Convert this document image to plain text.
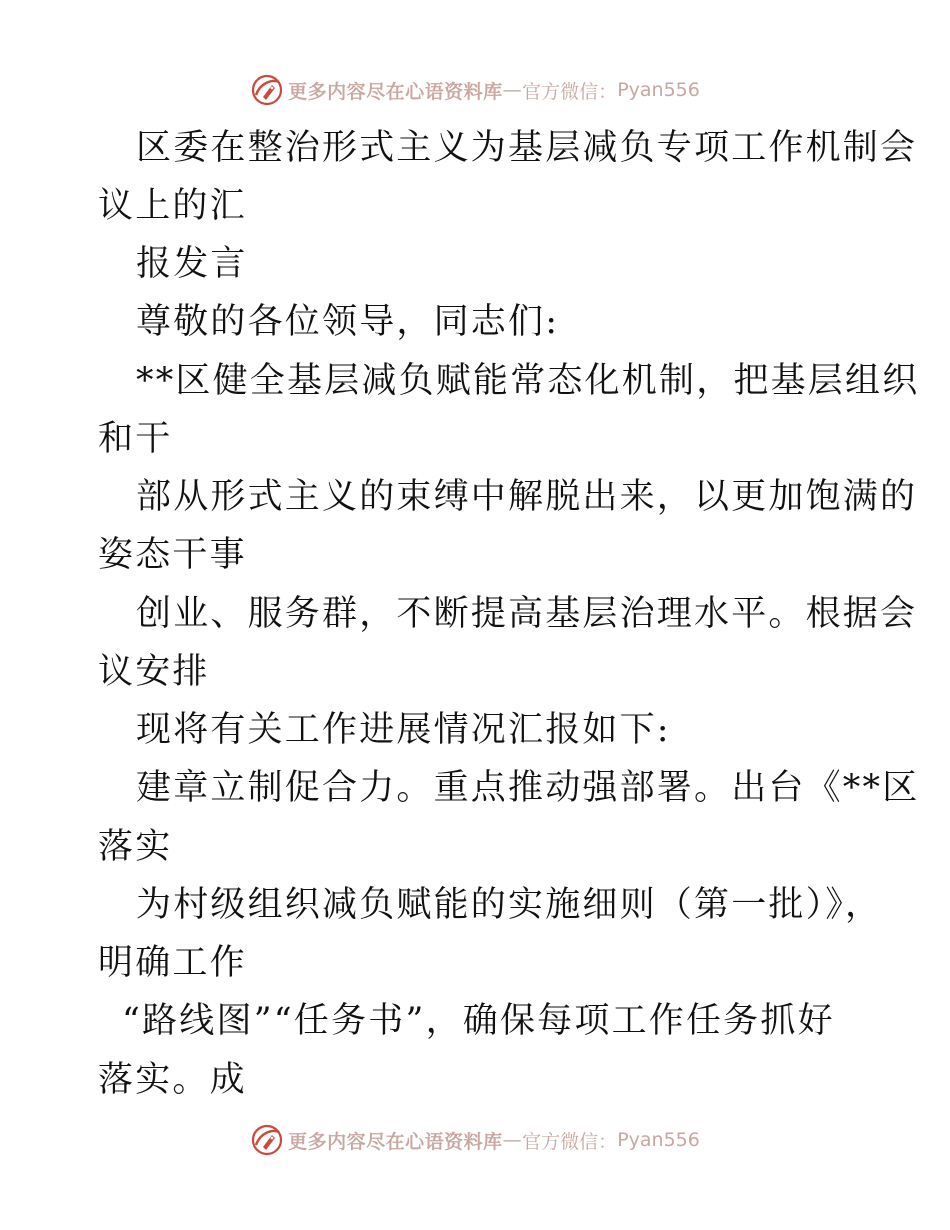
更多内容尽在心语资料库 — 官方微信： Pyan556
区委在整治形式主义为基层减负专项工作机制会
议上的汇
报发言
尊敬的各位领导，同志们:
**区健全基层减负赋能常态化机制，把基层组织
和干
部从形式主义的束缚中解脱出来，以更加饱满的
姿态干事
创业、服务群，不断提高基层治理水平。根据会
议安排
现将有关工作进展情况汇报如下:
建章立制促合力。重点推动强部署。出台《**区
落实
为村级组织减负赋能的实施细则（第一批）》，
明确工作
“路线图”“任务书”，确保每项工作任务抓好
落实。成
更多内容尽在心语资料库 — 官方微信： Pyan556
